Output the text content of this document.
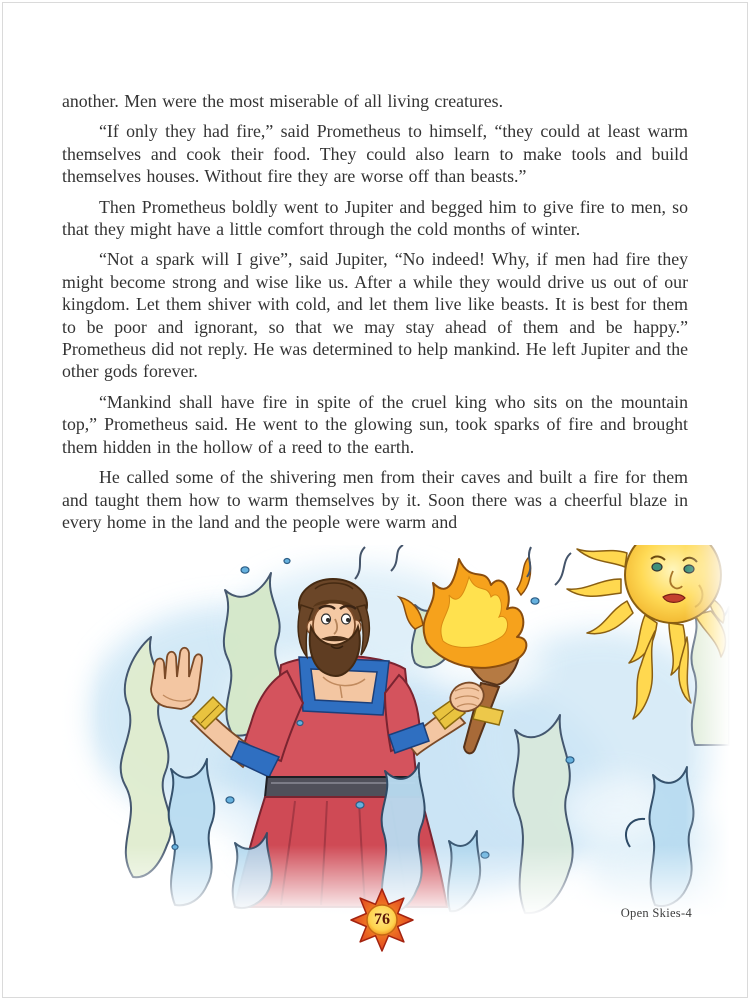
another. Men were the most miserable of all living creatures.

“If only they had fire,” said Prometheus to himself, “they could at least warm themselves and cook their food. They could also learn to make tools and build themselves houses. Without fire they are worse off than beasts.”

Then Prometheus boldly went to Jupiter and begged him to give fire to men, so that they might have a little comfort through the cold months of winter.

“Not a spark will I give”, said Jupiter, “No indeed! Why, if men had fire they might become strong and wise like us. After a while they would drive us out of our kingdom. Let them shiver with cold, and let them live like beasts. It is best for them to be poor and ignorant, so that we may stay ahead of them and be happy.” Prometheus did not reply. He was determined to help mankind. He left Jupiter and the other gods forever.

“Mankind shall have fire in spite of the cruel king who sits on the mountain top,” Prometheus said. He went to the glowing sun, took sparks of fire and brought them hidden in the hollow of a reed to the earth.

He called some of the shivering men from their caves and built a fire for them and taught them how to warm themselves by it. Soon there was a cheerful blaze in every home in the land and the people were warm and

76	Open Skies-4
